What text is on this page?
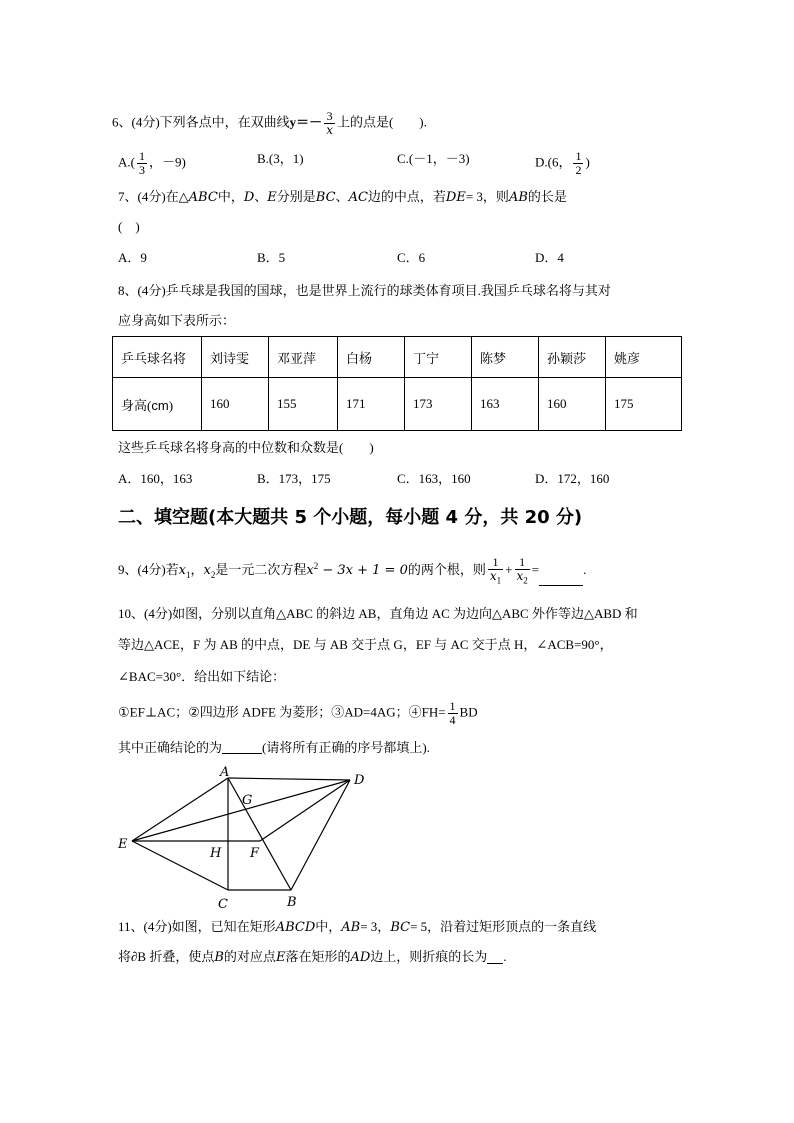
6、(4分)下列各点中，在双曲线$y=- \frac{3}{x}$ 上的点是(　　).
$A.( \frac{1}{3}$ ，－9)	B.(3，1)	C.(－1，－3)	D.(6， $\frac{1}{2}$ )
7、(4分)在△ABC中，D、E分别是BC、AC边的中点，若DE= 3，则AB的长是
(　)
A．9	B．5	C．6	D．4
8、(4分)乒乓球是我国的国球，也是世界上流行的球类体育项目.我国乒乓球名将与其对
应身高如下表所示：
乒乓球名将	刘诗雯	邓亚萍	白杨	丁宁	陈梦	孙颖莎	姚彦
身高(cm)	160	155	171	173	163	160	175
这些乒乓球名将身高的中位数和众数是(　　)
A．160，163	B．173，175	C．163，160	D．172，160
二、填空题(本大题共 5 个小题，每小题 4 分，共 20 分)
9、(4分)若$x_1$，$x_2$是一元二次方程$x^2 - 3x + 1 = 0$的两个根，则 $\frac{1}{x_1} + \frac{1}{x_2}$ =	.
10、(4分)如图，分别以直角△ABC 的斜边 AB，直角边 AC 为边向△ABC 外作等边△ABD 和
等边△ACE，F 为 AB 的中点，DE 与 AB 交于点 G，EF 与 AC 交于点 H，∠ACB=90°，
∠BAC=30°．给出如下结论：
①EF⊥AC；②四边形 ADFE 为菱形；③AD=4AG；④FH= $\frac{1}{4}$ BD
其中正确结论的为	(请将所有正确的序号都填上).
A
B
C
D
E
F
G
H
11、(4分)如图，已知在矩形ABCD中，AB= 3，BC= 5，沿着过矩形顶点的一条直线
将∂B 折叠，使点B的对应点E落在矩形的AD边上，则折痕的长为 .
